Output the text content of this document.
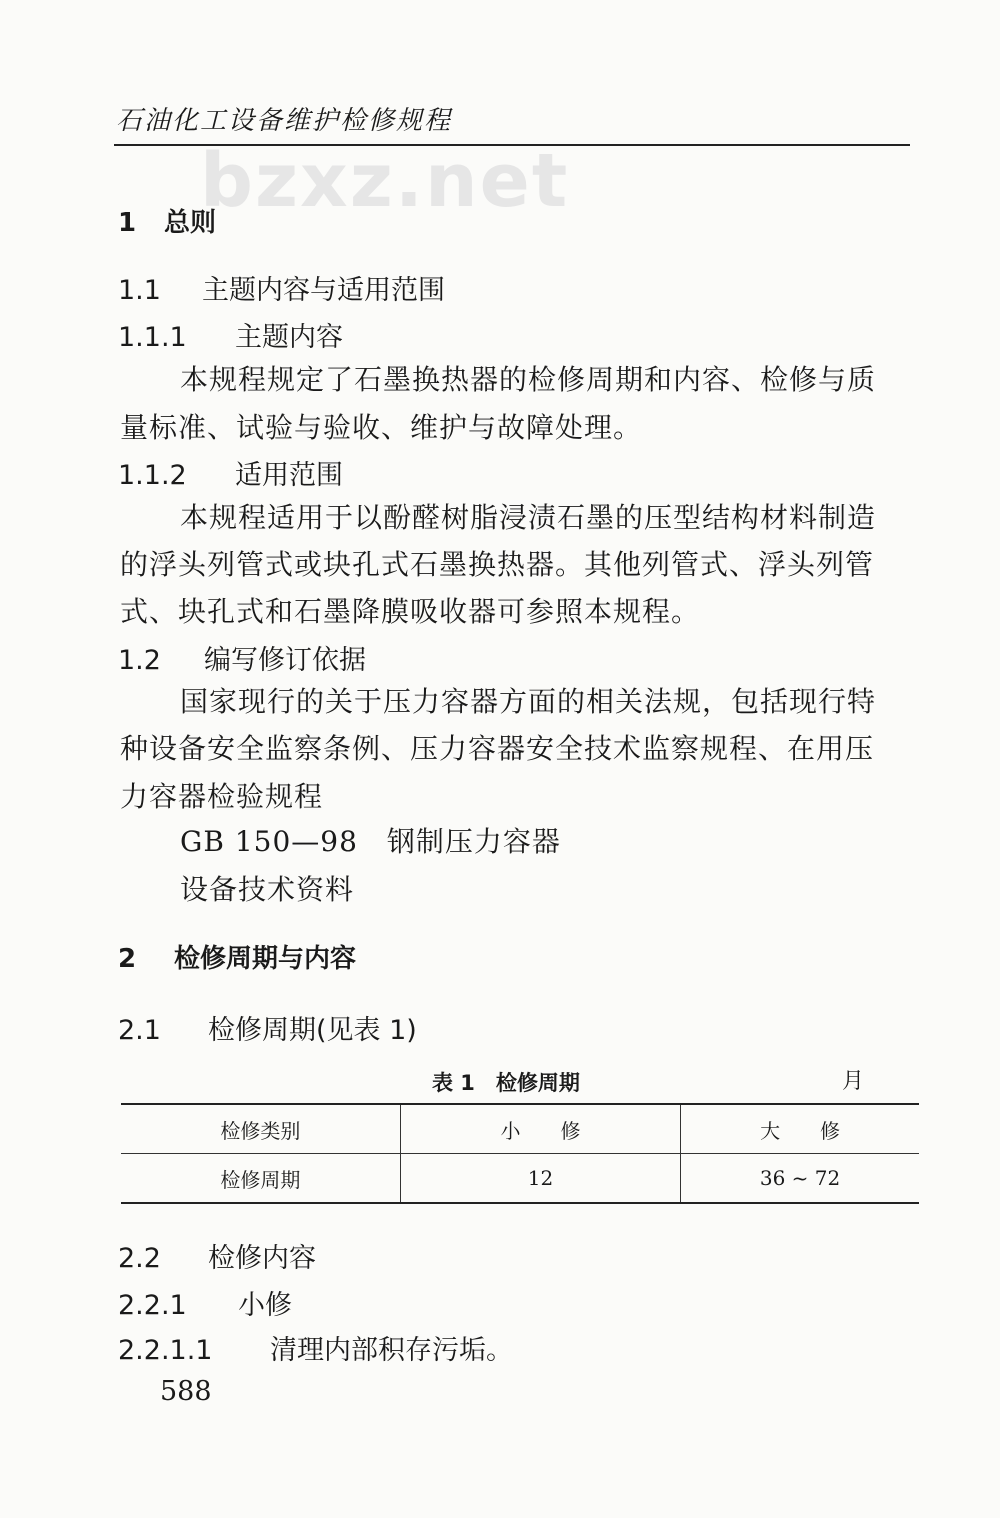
石油化工设备维护检修规程
bzxz.net
1 总则
1.1 主题内容与适用范围
1.1.1 主题内容
本规程规定了石墨换热器的检修周期和内容、检修与质
量标准、试验与验收、维护与故障处理。
1.1.2 适用范围
本规程适用于以酚醛树脂浸渍石墨的压型结构材料制造
的浮头列管式或块孔式石墨换热器。其他列管式、浮头列管
式、块孔式和石墨降膜吸收器可参照本规程。
1.2 编写修订依据
国家现行的关于压力容器方面的相关法规，包括现行特
种设备安全监察条例、压力容器安全技术监察规程、在用压
力容器检验规程
GB 150—98　钢制压力容器
设备技术资料
2 检修周期与内容
2.1 检修周期(见表 1)
表 1　检修周期	月
检修类别	小　　修	大　　修
检修周期	12	36 ~ 72
2.2 检修内容
2.2.1 小修
2.2.1.1 清理内部积存污垢。
588
